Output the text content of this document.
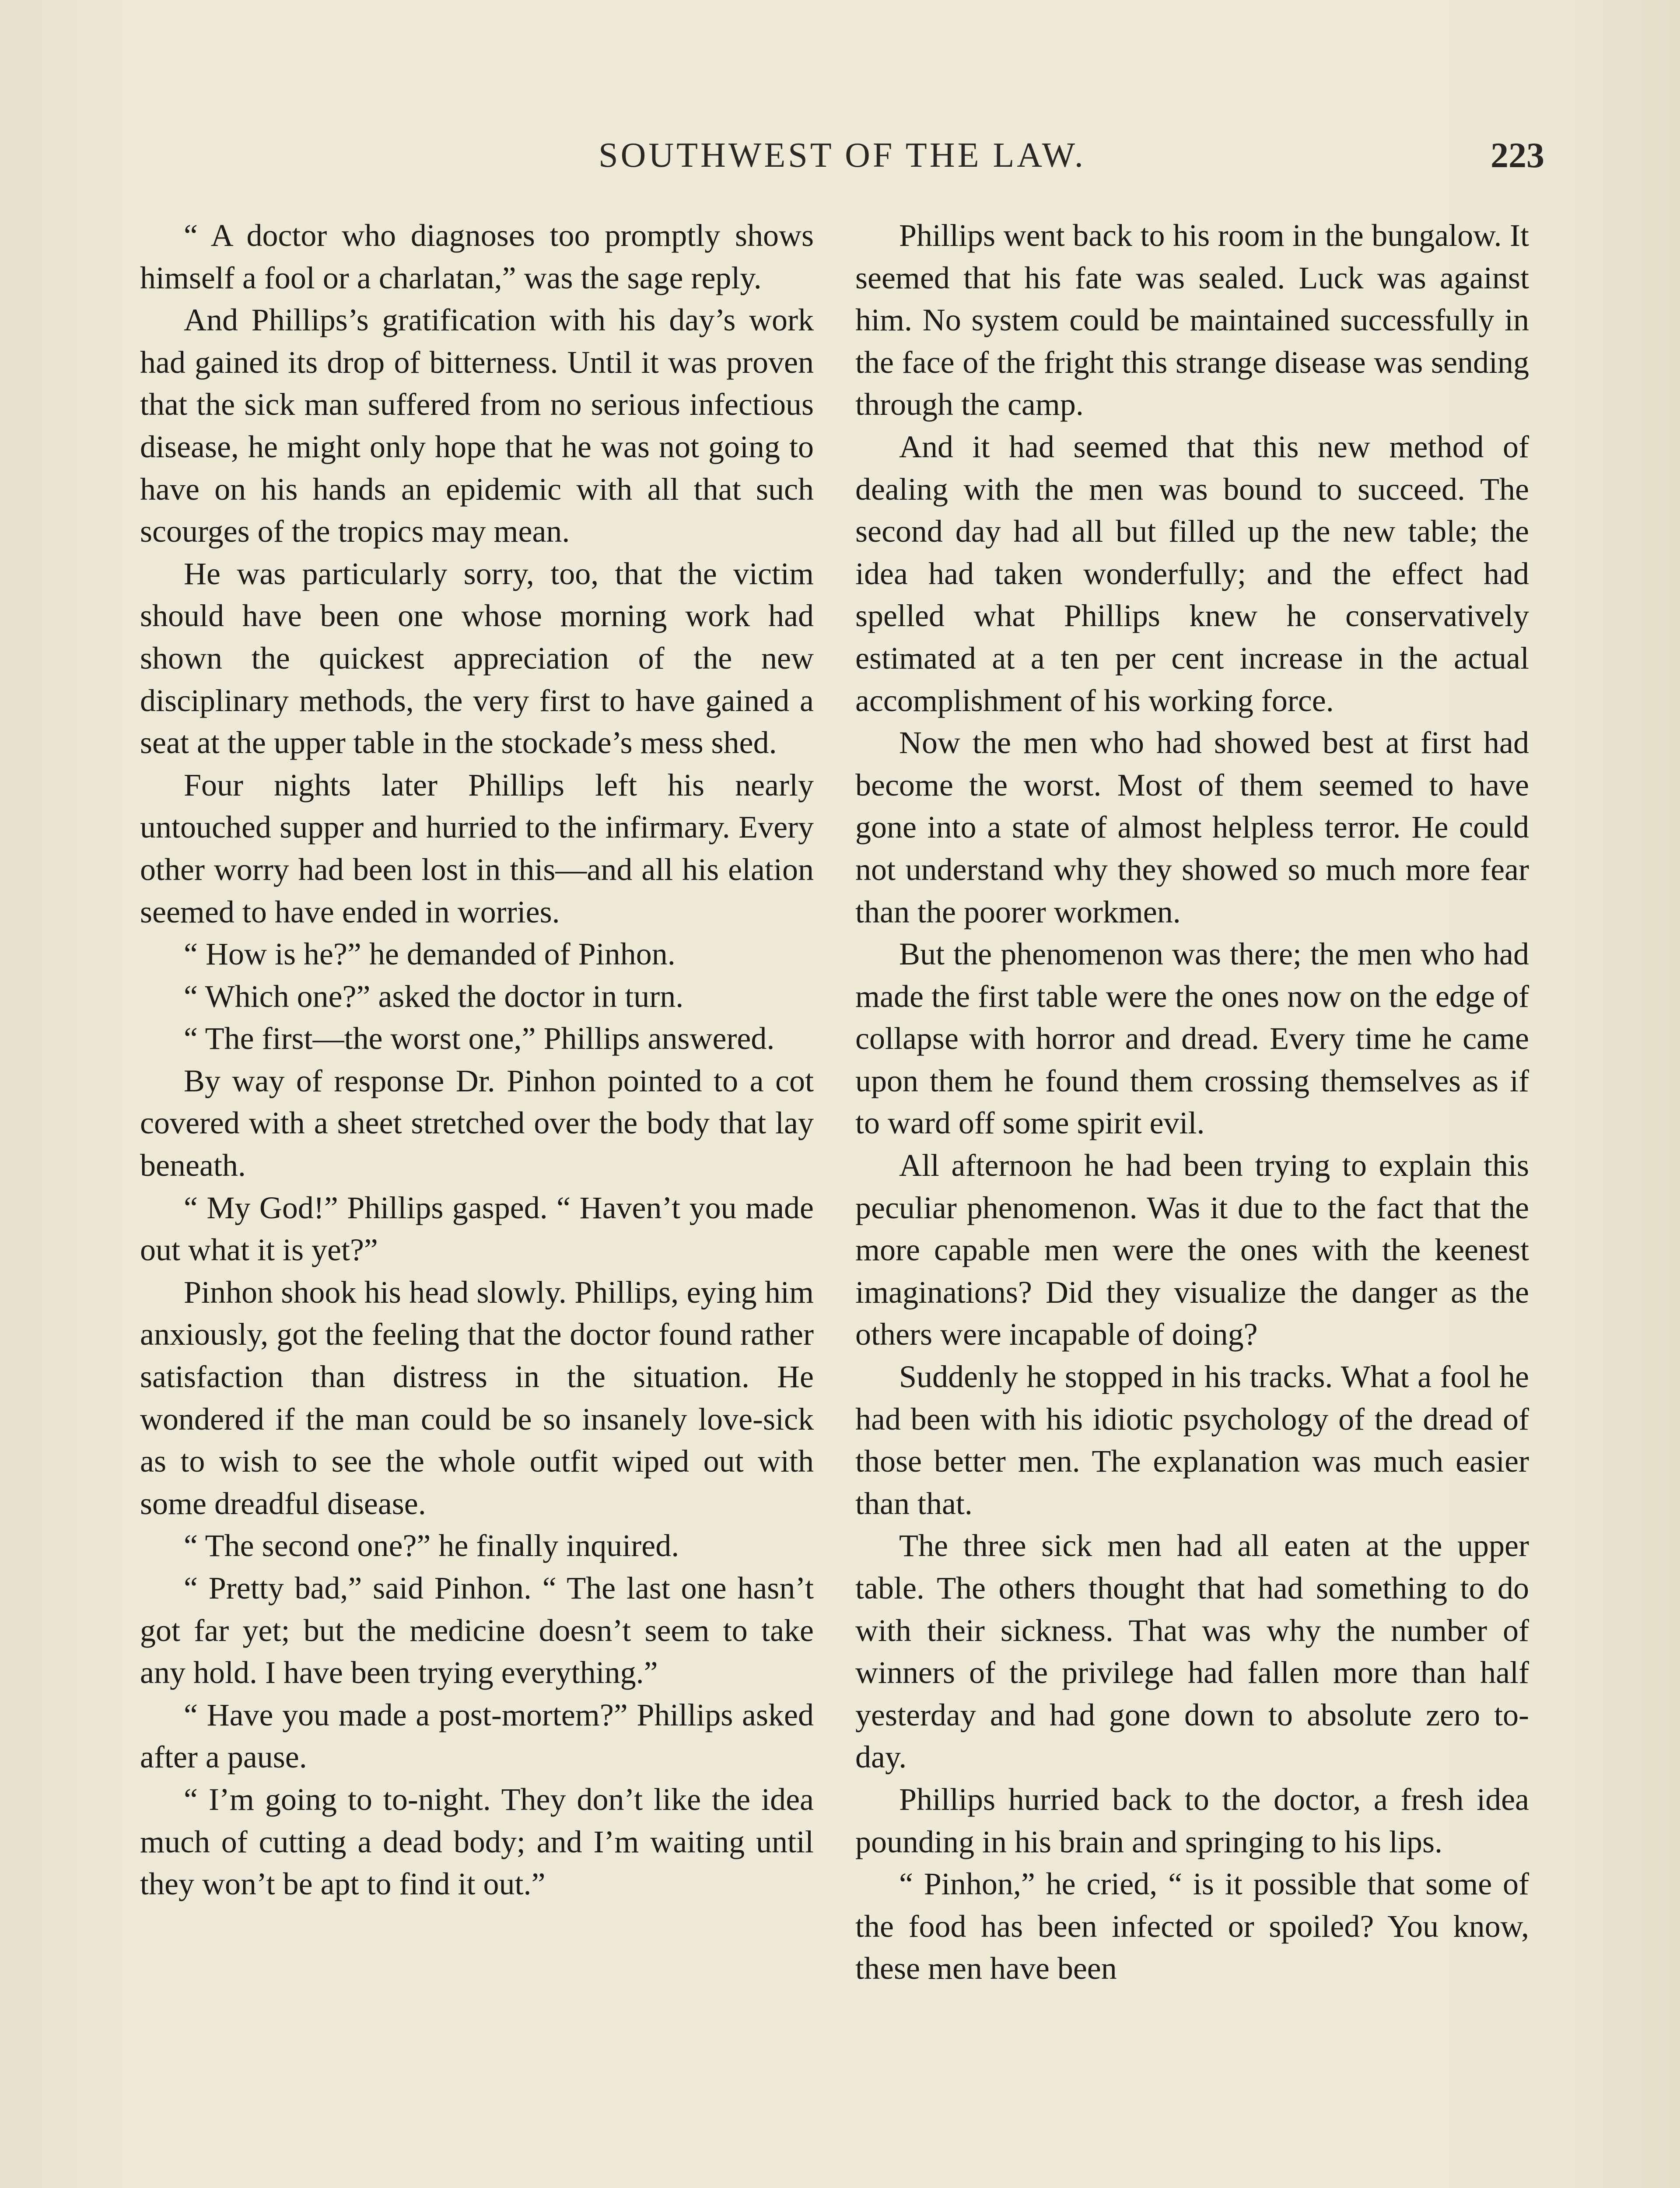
SOUTHWEST OF THE LAW.	223

“ A doctor who diagnoses too promptly shows himself a fool or a charlatan,” was the sage reply.

And Phillips’s gratification with his day’s work had gained its drop of bitterness. Until it was proven that the sick man suffered from no serious infectious disease, he might only hope that he was not going to have on his hands an epidemic with all that such scourges of the tropics may mean.

He was particularly sorry, too, that the victim should have been one whose morning work had shown the quickest appreciation of the new disciplinary methods, the very first to have gained a seat at the upper table in the stockade’s mess shed.

Four nights later Phillips left his nearly untouched supper and hurried to the infirmary. Every other worry had been lost in this—and all his elation seemed to have ended in worries.

“ How is he?” he demanded of Pinhon.

“ Which one?” asked the doctor in turn.

“ The first—the worst one,” Phillips answered.

By way of response Dr. Pinhon pointed to a cot covered with a sheet stretched over the body that lay beneath.

“ My God!” Phillips gasped. “ Haven’t you made out what it is yet?”

Pinhon shook his head slowly. Phillips, eying him anxiously, got the feeling that the doctor found rather satisfaction than distress in the situation. He wondered if the man could be so insanely love-sick as to wish to see the whole outfit wiped out with some dreadful disease.

“ The second one?” he finally inquired.

“ Pretty bad,” said Pinhon. “ The last one hasn’t got far yet; but the medicine doesn’t seem to take any hold. I have been trying everything.”

“ Have you made a post-mortem?” Phillips asked after a pause.

“ I’m going to to-night. They don’t like the idea much of cutting a dead body; and I’m waiting until they won’t be apt to find it out.”

Phillips went back to his room in the bungalow. It seemed that his fate was sealed. Luck was against him. No system could be maintained successfully in the face of the fright this strange disease was sending through the camp.

And it had seemed that this new method of dealing with the men was bound to succeed. The second day had all but filled up the new table; the idea had taken wonderfully; and the effect had spelled what Phillips knew he conservatively estimated at a ten per cent increase in the actual accomplishment of his working force.

Now the men who had showed best at first had become the worst. Most of them seemed to have gone into a state of almost helpless terror. He could not understand why they showed so much more fear than the poorer workmen.

But the phenomenon was there; the men who had made the first table were the ones now on the edge of collapse with horror and dread. Every time he came upon them he found them crossing themselves as if to ward off some spirit evil.

All afternoon he had been trying to explain this peculiar phenomenon. Was it due to the fact that the more capable men were the ones with the keenest imaginations? Did they visualize the danger as the others were incapable of doing?

Suddenly he stopped in his tracks. What a fool he had been with his idiotic psychology of the dread of those better men. The explanation was much easier than that.

The three sick men had all eaten at the upper table. The others thought that had something to do with their sickness. That was why the number of winners of the privilege had fallen more than half yesterday and had gone down to absolute zero to-day.

Phillips hurried back to the doctor, a fresh idea pounding in his brain and springing to his lips.

“ Pinhon,” he cried, “ is it possible that some of the food has been infected or spoiled? You know, these men have been
